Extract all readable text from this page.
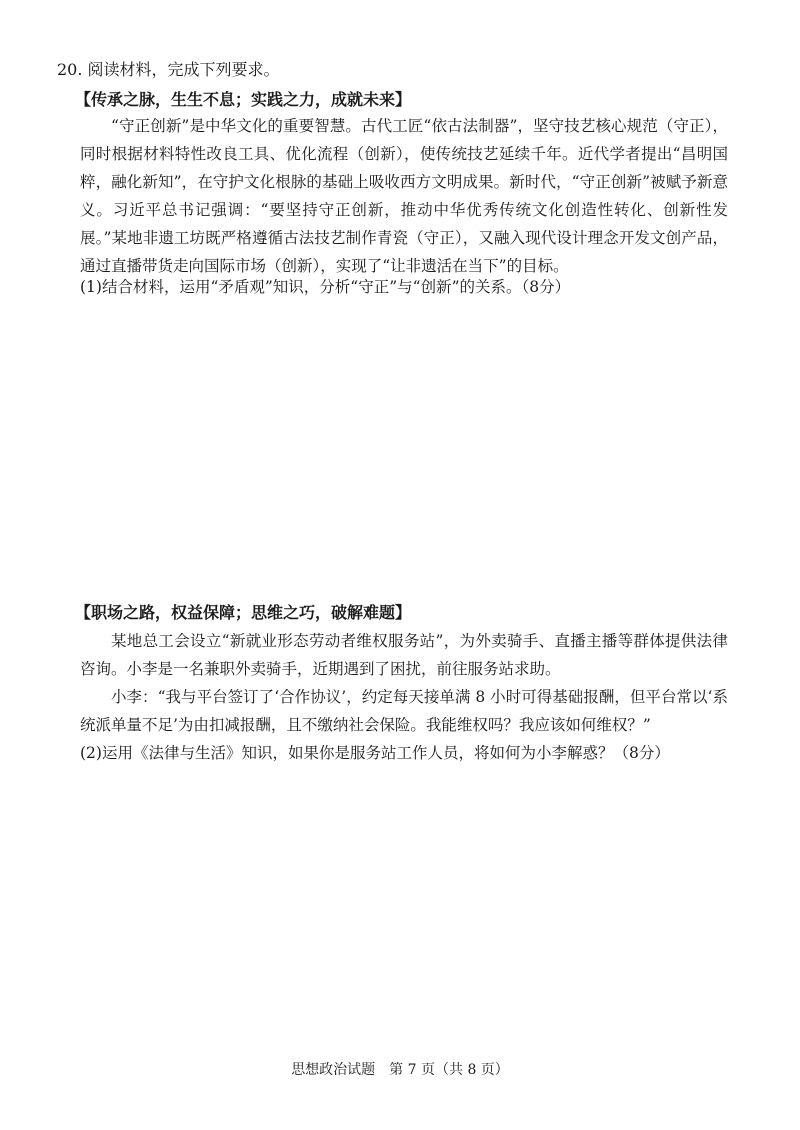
20. 阅读材料，完成下列要求。
【传承之脉，生生不息；实践之力，成就未来】
“守正创新”是中华文化的重要智慧。古代工匠“依古法制器”，坚守技艺核心规范（守正），同时根据材料特性改良工具、优化流程（创新），使传统技艺延续千年。近代学者提出“昌明国粹，融化新知”，在守护文化根脉的基础上吸收西方文明成果。新时代，“守正创新”被赋予新意义。习近平总书记强调：“要坚持守正创新，推动中华优秀传统文化创造性转化、创新性发展。”某地非遗工坊既严格遵循古法技艺制作青瓷（守正），又融入现代设计理念开发文创产品，通过直播带货走向国际市场（创新），实现了“让非遗活在当下”的目标。
(1)结合材料，运用“矛盾观”知识，分析“守正”与“创新”的关系。（8分）
【职场之路，权益保障；思维之巧，破解难题】
某地总工会设立“新就业形态劳动者维权服务站”，为外卖骑手、直播主播等群体提供法律咨询。小李是一名兼职外卖骑手，近期遇到了困扰，前往服务站求助。
小李：“我与平台签订了‘合作协议’，约定每天接单满 8 小时可得基础报酬，但平台常以‘系统派单量不足’为由扣减报酬，且不缴纳社会保险。我能维权吗？我应该如何维权？”
(2)运用《法律与生活》知识，如果你是服务站工作人员，将如何为小李解惑？（8分）
思想政治试题　第 7 页（共 8 页）
